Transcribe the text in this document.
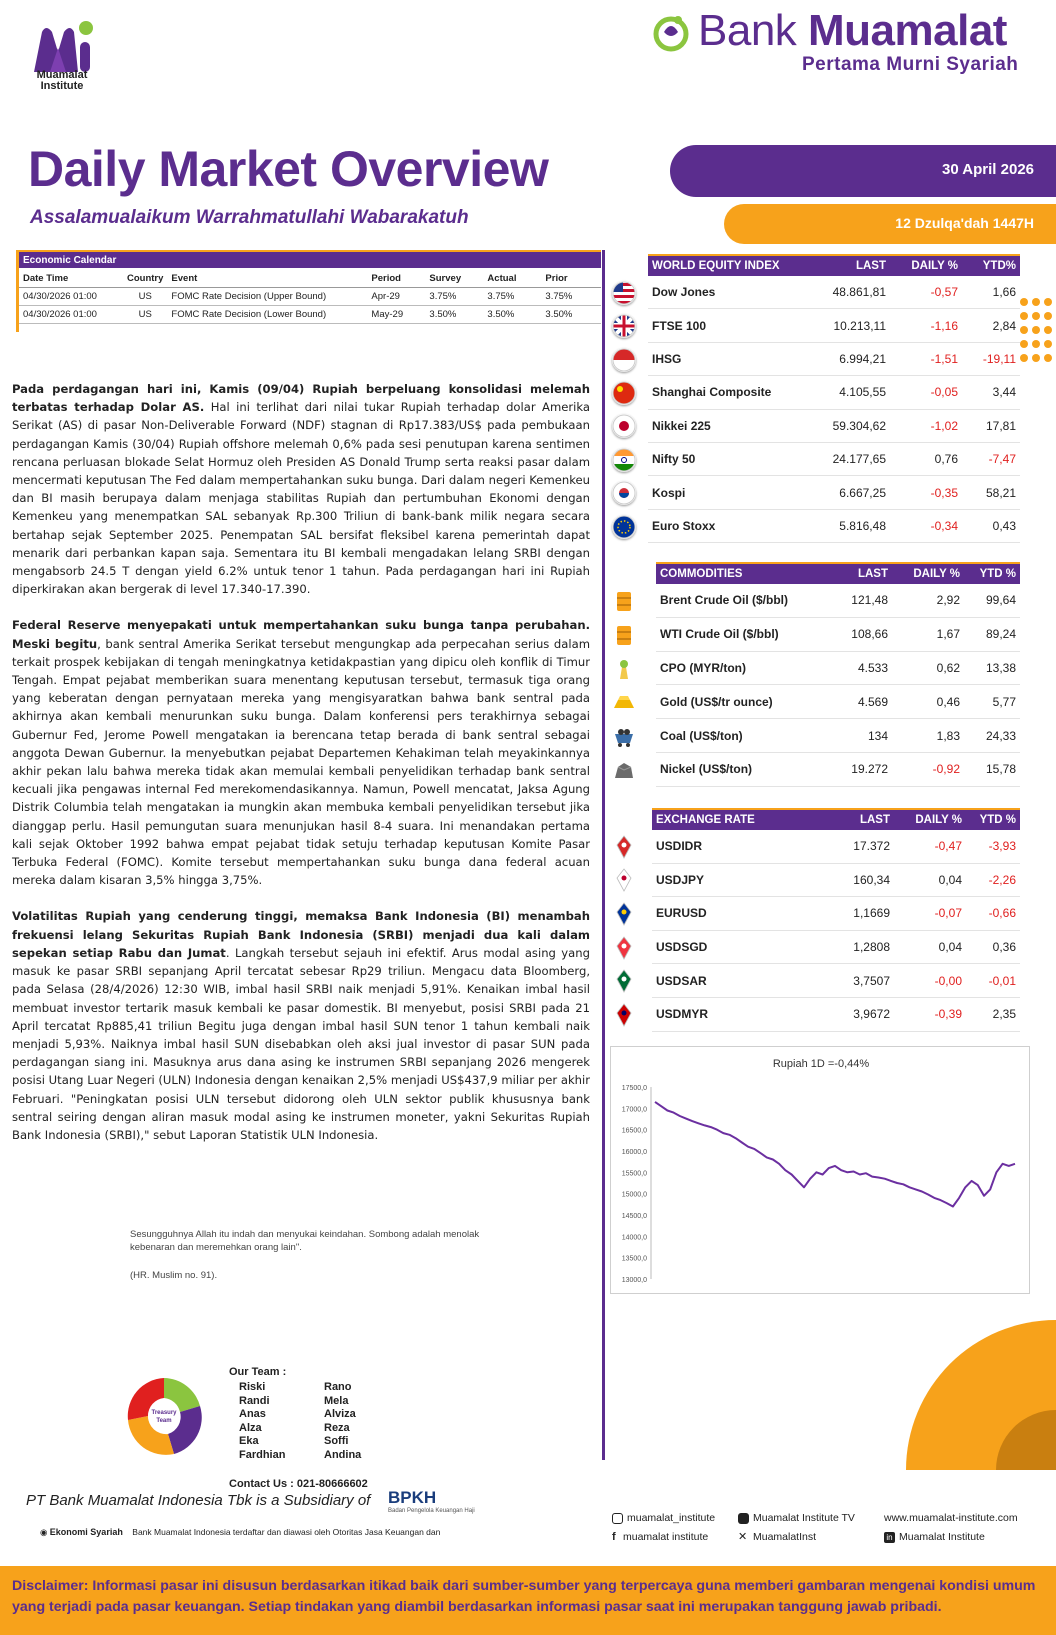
Muamalat
Institute
Bank Muamalat
Pertama Murni Syariah
Daily Market Overview
Assalamualaikum Warrahmatullahi Wabarakatuh
30 April 2026
12 Dzulqa'dah 1447H
Economic Calendar
Date Time	Country	Event	Period	Survey	Actual	Prior
04/30/2026 01:00	US	FOMC Rate Decision (Upper Bound)	Apr-29	3.75%	3.75%	3.75%
04/30/2026 01:00	US	FOMC Rate Decision (Lower Bound)	May-29	3.50%	3.50%	3.50%

Pada perdagangan hari ini, Kamis (09/04) Rupiah berpeluang konsolidasi melemah terbatas terhadap Dolar AS. Hal ini terlihat dari nilai tukar Rupiah terhadap dolar Amerika Serikat (AS) di pasar Non-Deliverable Forward (NDF) stagnan di Rp17.383/US$ pada pembukaan perdagangan Kamis (30/04) Rupiah offshore melemah 0,6% pada sesi penutupan karena sentimen rencana perluasan blokade Selat Hormuz oleh Presiden AS Donald Trump serta reaksi pasar dalam mencermati keputusan The Fed dalam mempertahankan suku bunga. Dari dalam negeri Kemenkeu dan BI masih berupaya dalam menjaga stabilitas Rupiah dan pertumbuhan Ekonomi dengan Kemenkeu yang menempatkan SAL sebanyak Rp.300 Triliun di bank-bank milik negara secara bertahap sejak September 2025. Penempatan SAL bersifat fleksibel karena pemerintah dapat menarik dari perbankan kapan saja. Sementara itu BI kembali mengadakan lelang SRBI dengan mengabsorb 24.5 T dengan yield 6.2% untuk tenor 1 tahun. Pada perdagangan hari ini Rupiah diperkirakan akan bergerak di level 17.340-17.390.

Federal Reserve menyepakati untuk mempertahankan suku bunga tanpa perubahan. Meski begitu, bank sentral Amerika Serikat tersebut mengungkap ada perpecahan serius dalam terkait prospek kebijakan di tengah meningkatnya ketidakpastian yang dipicu oleh konflik di Timur Tengah. Empat pejabat memberikan suara menentang keputusan tersebut, termasuk tiga orang yang keberatan dengan pernyataan mereka yang mengisyaratkan bahwa bank sentral pada akhirnya akan kembali menurunkan suku bunga. Dalam konferensi pers terakhirnya sebagai Gubernur Fed, Jerome Powell mengatakan ia berencana tetap berada di bank sentral sebagai anggota Dewan Gubernur. Ia menyebutkan pejabat Departemen Kehakiman telah meyakinkannya akhir pekan lalu bahwa mereka tidak akan memulai kembali penyelidikan terhadap bank sentral kecuali jika pengawas internal Fed merekomendasikannya. Namun, Powell mencatat, Jaksa Agung Distrik Columbia telah mengatakan ia mungkin akan membuka kembali penyelidikan tersebut jika dianggap perlu. Hasil pemungutan suara menunjukan hasil 8-4 suara. Ini menandakan pertama kali sejak Oktober 1992 bahwa empat pejabat tidak setuju terhadap keputusan Komite Pasar Terbuka Federal (FOMC). Komite tersebut mempertahankan suku bunga dana federal acuan mereka dalam kisaran 3,5% hingga 3,75%.

Volatilitas Rupiah yang cenderung tinggi, memaksa Bank Indonesia (BI) menambah frekuensi lelang Sekuritas Rupiah Bank Indonesia (SRBI) menjadi dua kali dalam sepekan setiap Rabu dan Jumat. Langkah tersebut sejauh ini efektif. Arus modal asing yang masuk ke pasar SRBI sepanjang April tercatat sebesar Rp29 triliun. Mengacu data Bloomberg, pada Selasa (28/4/2026) 12:30 WIB, imbal hasil SRBI naik menjadi 5,91%. Kenaikan imbal hasil membuat investor tertarik masuk kembali ke pasar domestik. BI menyebut, posisi SRBI pada 21 April tercatat Rp885,41 triliun Begitu juga dengan imbal hasil SUN tenor 1 tahun kembali naik menjadi 5,93%. Naiknya imbal hasil SUN disebabkan oleh aksi jual investor di pasar SUN pada perdagangan siang ini. Masuknya arus dana asing ke instrumen SRBI sepanjang 2026 mengerek posisi Utang Luar Negeri (ULN) Indonesia dengan kenaikan 2,5% menjadi US$437,9 miliar per akhir Februari. "Peningkatan posisi ULN tersebut didorong oleh ULN sektor publik khususnya bank sentral seiring dengan aliran masuk modal asing ke instrumen moneter, yakni Sekuritas Rupiah Bank Indonesia (SRBI)," sebut Laporan Statistik ULN Indonesia.

Sesungguhnya Allah itu indah dan menyukai keindahan. Sombong adalah menolak kebenaran dan meremehkan orang lain".
(HR. Muslim no. 91).
WORLD EQUITY INDEX	LAST	DAILY %	YTD%
Dow Jones	48.861,81	-0,57	1,66
FTSE 100	10.213,11	-1,16	2,84
IHSG	6.994,21	-1,51	-19,11
Shanghai Composite	4.105,55	-0,05	3,44
Nikkei 225	59.304,62	-1,02	17,81
Nifty 50	24.177,65	0,76	-7,47
Kospi	6.667,25	-0,35	58,21
Euro Stoxx	5.816,48	-0,34	0,43
COMMODITIES	LAST	DAILY %	YTD %
Brent Crude Oil ($/bbl)	121,48	2,92	99,64
WTI Crude Oil ($/bbl)	108,66	1,67	89,24
CPO (MYR/ton)	4.533	0,62	13,38
Gold (US$/tr ounce)	4.569	0,46	5,77
Coal (US$/ton)	134	1,83	24,33
Nickel (US$/ton)	19.272	-0,92	15,78
EXCHANGE RATE	LAST	DAILY %	YTD %
USDIDR	17.372	-0,47	-3,93
USDJPY	160,34	0,04	-2,26
EURUSD	1,1669	-0,07	-0,66
USDSGD	1,2808	0,04	0,36
USDSAR	3,7507	-0,00	-0,01
USDMYR	3,9672	-0,39	2,35
Rupiah 1D =-0,44%
17500,0
17000,0
16500,0
16000,0
15500,0
15000,0
14500,0
14000,0
13500,0
13000,0
Treasury
Team
Our Team :
Riski
Randi
Anas
Alza
Eka
Fardhian
Rano
Mela
Alviza
Reza
Soffi
Andina
Contact Us : 021-80666602
PT Bank Muamalat Indonesia Tbk is a Subsidiary of BPKH
Badan Pengelola Keuangan Haji
◉ Ekonomi Syariah Bank Muamalat Indonesia terdaftar dan diawasi oleh Otoritas Jasa Keuangan dan
muamalat_institute	Muamalat Institute TV	www.muamalat-institute.com
f muamalat institute	✕ MuamalatInst	in Muamalat Institute
Disclaimer: Informasi pasar ini disusun berdasarkan itikad baik dari sumber-sumber yang terpercaya guna memberi gambaran mengenai kondisi umum yang terjadi pada pasar keuangan. Setiap tindakan yang diambil berdasarkan informasi pasar saat ini merupakan tanggung jawab pribadi.
